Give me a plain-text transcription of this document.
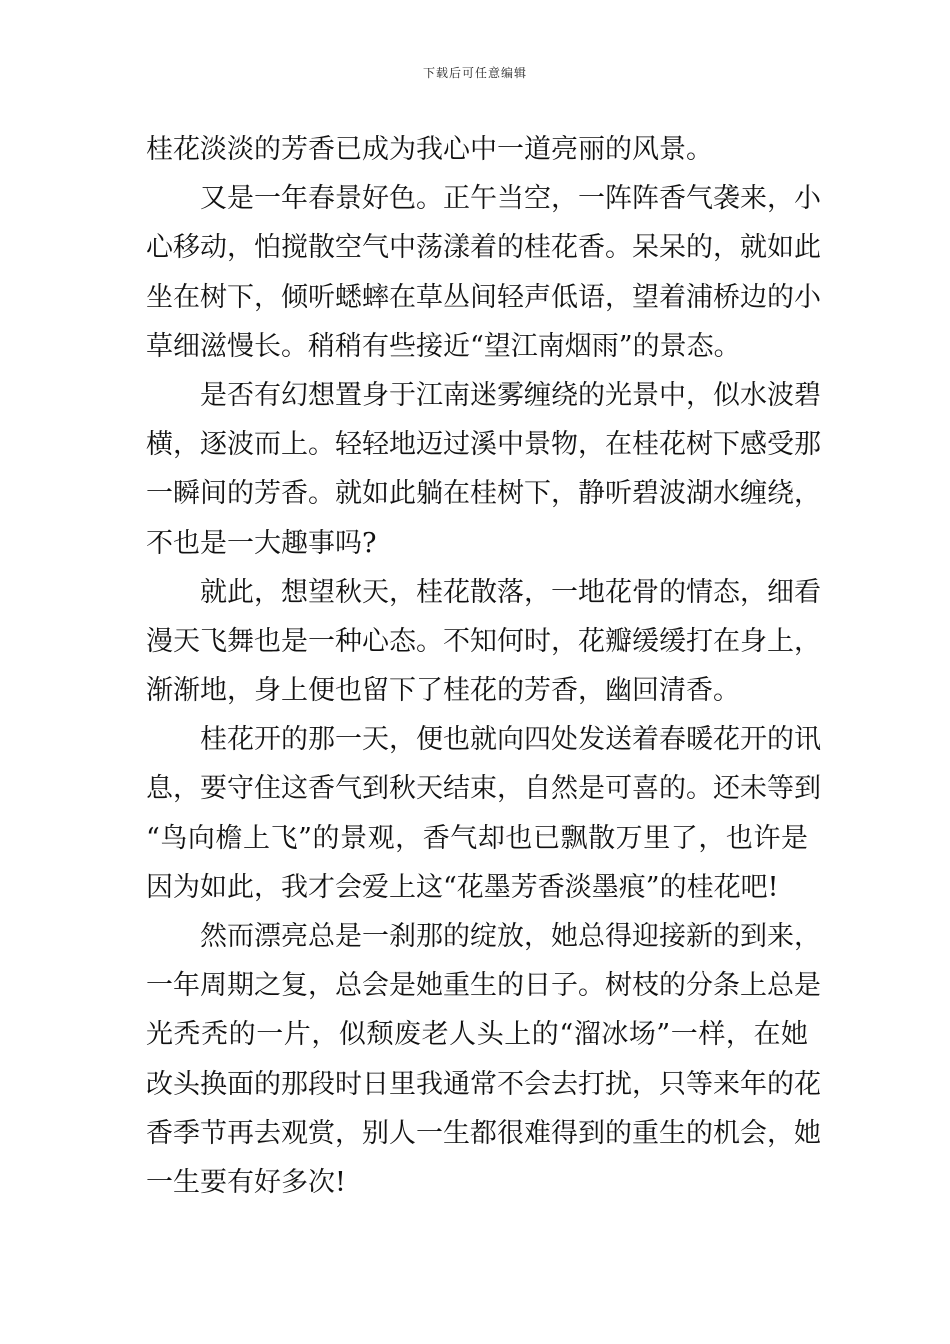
下载后可任意编辑
桂花淡淡的芳香已成为我心中一道亮丽的风景。
又是一年春景好色。正午当空，一阵阵香气袭来，小
心移动，怕搅散空气中荡漾着的桂花香。呆呆的，就如此
坐在树下，倾听蟋蟀在草丛间轻声低语，望着浦桥边的小
草细滋慢长。稍稍有些接近“望江南烟雨”的景态。
是否有幻想置身于江南迷雾缠绕的光景中，似水波碧
横，逐波而上。轻轻地迈过溪中景物，在桂花树下感受那
一瞬间的芳香。就如此躺在桂树下，静听碧波湖水缠绕，
不也是一大趣事吗?
就此，想望秋天，桂花散落，一地花骨的情态，细看
漫天飞舞也是一种心态。不知何时，花瓣缓缓打在身上，
渐渐地，身上便也留下了桂花的芳香，幽回清香。
桂花开的那一天，便也就向四处发送着春暖花开的讯
息，要守住这香气到秋天结束，自然是可喜的。还未等到
“鸟向檐上飞”的景观，香气却也已飘散万里了，也许是
因为如此，我才会爱上这“花墨芳香淡墨痕”的桂花吧!
然而漂亮总是一刹那的绽放，她总得迎接新的到来，
一年周期之复，总会是她重生的日子。树枝的分条上总是
光秃秃的一片，似颓废老人头上的“溜冰场”一样，在她
改头换面的那段时日里我通常不会去打扰，只等来年的花
香季节再去观赏，别人一生都很难得到的重生的机会，她
一生要有好多次!
